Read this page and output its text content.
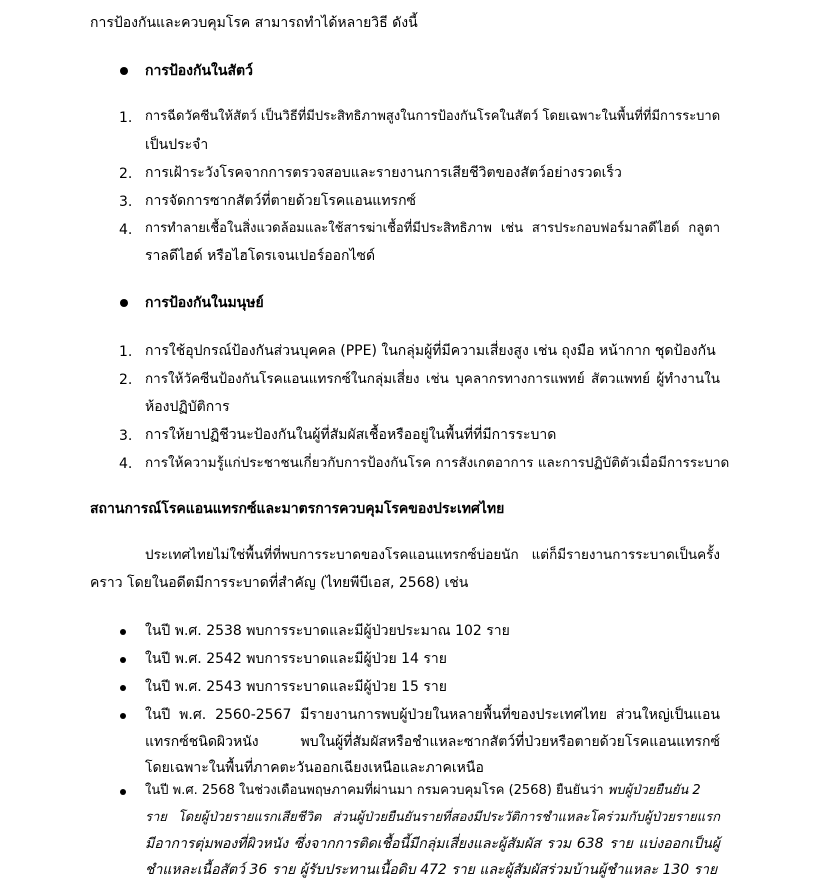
การป้องกันและควบคุมโรค สามารถทำได้หลายวิธี ดังนี้
การป้องกันในสัตว์
1. การฉีดวัคซีนให้สัตว์ เป็นวิธีที่มีประสิทธิภาพสูงในการป้องกันโรคในสัตว์ โดยเฉพาะในพื้นที่ที่มีการระบาด
เป็นประจำ
2. การเฝ้าระวังโรคจากการตรวจสอบและรายงานการเสียชีวิตของสัตว์อย่างรวดเร็ว
3. การจัดการซากสัตว์ที่ตายด้วยโรคแอนแทรกซ์
4. การทำลายเชื้อในสิ่งแวดล้อมและใช้สารฆ่าเชื้อที่มีประสิทธิภาพ เช่น สารประกอบฟอร์มาลดีไฮด์ กลูตา
ราลดีไฮด์ หรือไฮโดรเจนเปอร์ออกไซด์
การป้องกันในมนุษย์
1. การใช้อุปกรณ์ป้องกันส่วนบุคคล (PPE) ในกลุ่มผู้ที่มีความเสี่ยงสูง เช่น ถุงมือ หน้ากาก ชุดป้องกัน
2. การให้วัคซีนป้องกันโรคแอนแทรกซ์ในกลุ่มเสี่ยง เช่น บุคลากรทางการแพทย์ สัตวแพทย์ ผู้ทำงานใน
ห้องปฏิบัติการ
3. การให้ยาปฏิชีวนะป้องกันในผู้ที่สัมผัสเชื้อหรืออยู่ในพื้นที่ที่มีการระบาด
4. การให้ความรู้แก่ประชาชนเกี่ยวกับการป้องกันโรค การสังเกตอาการ และการปฏิบัติตัวเมื่อมีการระบาด
สถานการณ์โรคแอนแทรกซ์และมาตรการควบคุมโรคของประเทศไทย
ประเทศไทยไม่ใช่พื้นที่ที่พบการระบาดของโรคแอนแทรกซ์บ่อยนัก แต่ก็มีรายงานการระบาดเป็นครั้ง
คราว โดยในอดีตมีการระบาดที่สำคัญ (ไทยพีบีเอส, 2568) เช่น
ในปี พ.ศ. 2538 พบการระบาดและมีผู้ป่วยประมาณ 102 ราย
ในปี พ.ศ. 2542 พบการระบาดและมีผู้ป่วย 14 ราย
ในปี พ.ศ. 2543 พบการระบาดและมีผู้ป่วย 15 ราย
ในปี พ.ศ. 2560-2567 มีรายงานการพบผู้ป่วยในหลายพื้นที่ของประเทศไทย ส่วนใหญ่เป็นแอน
แทรกซ์ชนิดผิวหนัง พบในผู้ที่สัมผัสหรือชำแหละซากสัตว์ที่ป่วยหรือตายด้วยโรคแอนแทรกซ์
โดยเฉพาะในพื้นที่ภาคตะวันออกเฉียงเหนือและภาคเหนือ
ในปี พ.ศ. 2568 ในช่วงเดือนพฤษภาคมที่ผ่านมา กรมควบคุมโรค (2568) ยืนยันว่า พบผู้ป่วยยืนยัน 2
ราย โดยผู้ป่วยรายแรกเสียชีวิต ส่วนผู้ป่วยยืนยันรายที่สองมีประวัติการชำแหละโคร่วมกับผู้ป่วยรายแรก
มีอาการตุ่มพองที่ผิวหนัง ซึ่งจากการติดเชื้อนี้มีกลุ่มเสี่ยงและผู้สัมผัส รวม 638 ราย แบ่งออกเป็นผู้
ชำแหละเนื้อสัตว์ 36 ราย ผู้รับประทานเนื้อดิบ 472 ราย และผู้สัมผัสร่วมบ้านผู้ชำแหละ 130 ราย
